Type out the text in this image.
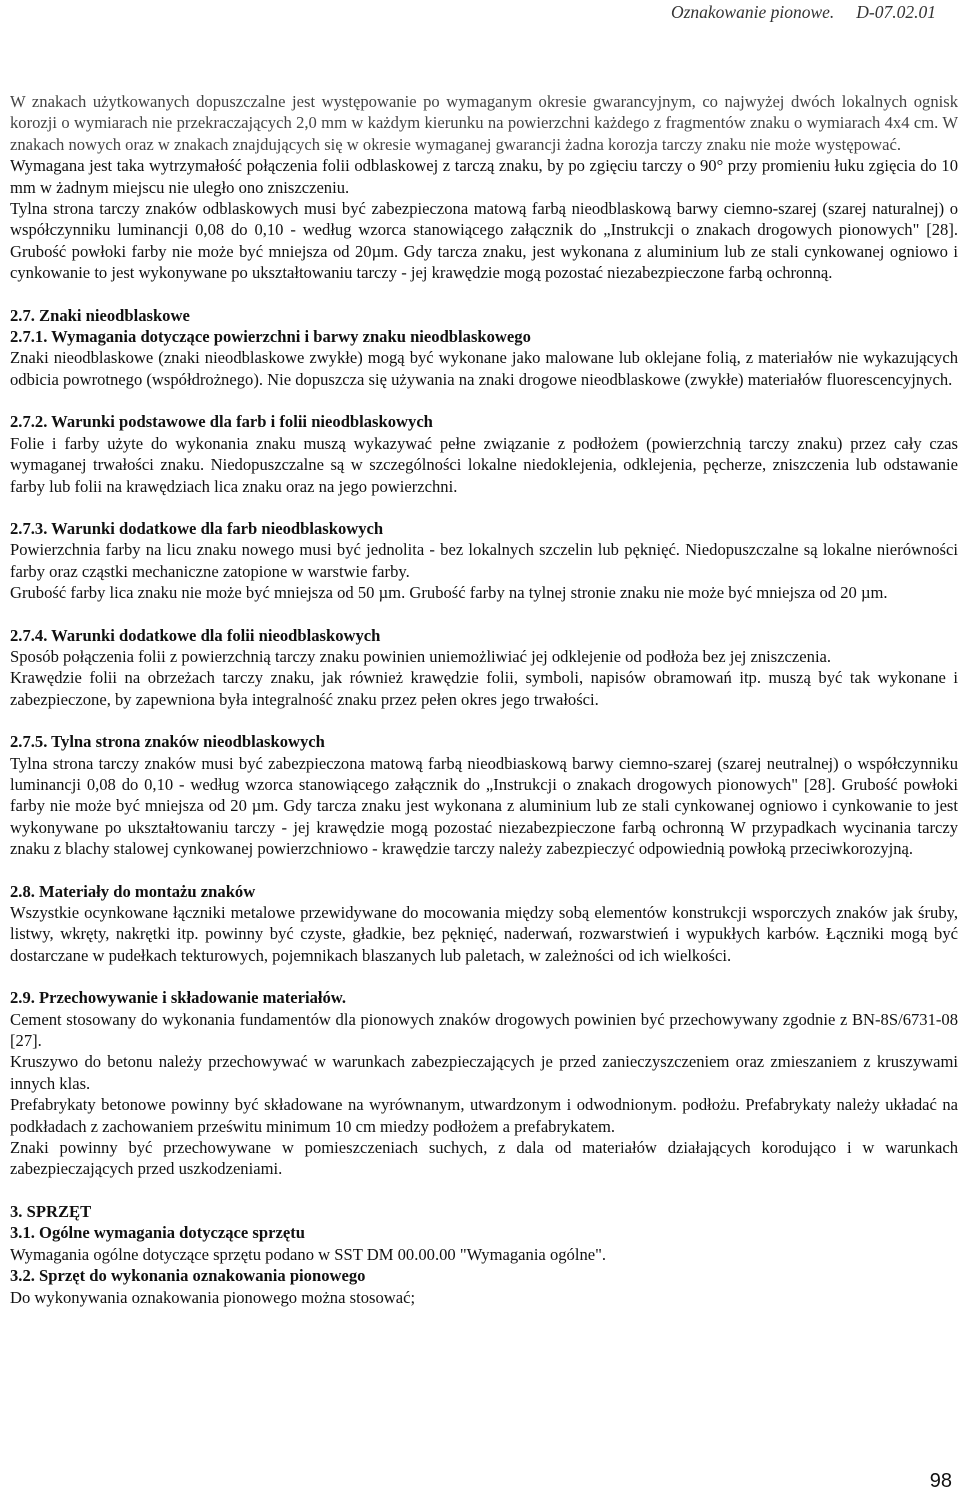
Oznakowanie pionowe. D-07.02.01

W znakach użytkowanych dopuszczalne jest występowanie po wymaganym okresie gwarancyjnym, co najwyżej dwóch lokalnych ognisk korozji o wymiarach nie przekraczających 2,0 mm w każdym kierunku na powierzchni każdego z fragmentów znaku o wymiarach 4x4 cm. W znakach nowych oraz w znakach znajdujących się w okresie wymaganej gwarancji żadna korozja tarczy znaku nie może występować.

Wymagana jest taka wytrzymałość połączenia folii odblaskowej z tarczą znaku, by po zgięciu tarczy o 90° przy promieniu łuku zgięcia do 10 mm w żadnym miejscu nie uległo ono zniszczeniu.

Tylna strona tarczy znaków odblaskowych musi być zabezpieczona matową farbą nieodblaskową barwy ciemno-szarej (szarej naturalnej) o współczynniku luminancji 0,08 do 0,10 - według wzorca stanowiącego załącznik do „Instrukcji o znakach drogowych pionowych" [28]. Grubość powłoki farby nie może być mniejsza od 20µm. Gdy tarcza znaku, jest wykonana z aluminium lub ze stali cynkowanej ogniowo i cynkowanie to jest wykonywane po ukształtowaniu tarczy - jej krawędzie mogą pozostać niezabezpieczone farbą ochronną.

2.7. Znaki nieodblaskowe

2.7.1. Wymagania dotyczące powierzchni i barwy znaku nieodblaskowego

Znaki nieodblaskowe (znaki nieodblaskowe zwykłe) mogą być wykonane jako malowane lub oklejane folią, z materiałów nie wykazujących odbicia powrotnego (współdrożnego). Nie dopuszcza się używania na znaki drogowe nieodblaskowe (zwykłe) materiałów fluorescencyjnych.

2.7.2. Warunki podstawowe dla farb i folii nieodblaskowych

Folie i farby użyte do wykonania znaku muszą wykazywać pełne związanie z podłożem (powierzchnią tarczy znaku) przez cały czas wymaganej trwałości znaku. Niedopuszczalne są w szczególności lokalne niedoklejenia, odklejenia, pęcherze, zniszczenia lub odstawanie farby lub folii na krawędziach lica znaku oraz na jego powierzchni.

2.7.3. Warunki dodatkowe dla farb nieodblaskowych

Powierzchnia farby na licu znaku nowego musi być jednolita - bez lokalnych szczelin lub pęknięć. Niedopuszczalne są lokalne nierówności farby oraz cząstki mechaniczne zatopione w warstwie farby.

Grubość farby lica znaku nie może być mniejsza od 50 µm. Grubość farby na tylnej stronie znaku nie może być mniejsza od 20 µm.

2.7.4. Warunki dodatkowe dla folii nieodblaskowych

Sposób połączenia folii z powierzchnią tarczy znaku powinien uniemożliwiać jej odklejenie od podłoża bez jej zniszczenia.

Krawędzie folii na obrzeżach tarczy znaku, jak również krawędzie folii, symboli, napisów obramowań itp. muszą być tak wykonane i zabezpieczone, by zapewniona była integralność znaku przez pełen okres jego trwałości.

2.7.5. Tylna strona znaków nieodblaskowych

Tylna strona tarczy znaków musi być zabezpieczona matową farbą nieodbiaskową barwy ciemno-szarej (szarej neutralnej) o współczynniku luminancji 0,08 do 0,10 - według wzorca stanowiącego załącznik do „Instrukcji o znakach drogowych pionowych" [28]. Grubość powłoki farby nie może być mniejsza od 20 µm. Gdy tarcza znaku jest wykonana z aluminium lub ze stali cynkowanej ogniowo i cynkowanie to jest wykonywane po ukształtowaniu tarczy - jej krawędzie mogą pozostać niezabezpieczone farbą ochronną W przypadkach wycinania tarczy znaku z blachy stalowej cynkowanej powierzchniowo - krawędzie tarczy należy zabezpieczyć odpowiednią powłoką przeciwkorozyjną.

2.8. Materiały do montażu znaków

Wszystkie ocynkowane łączniki metalowe przewidywane do mocowania między sobą elementów konstrukcji wsporczych znaków jak śruby, listwy, wkręty, nakrętki itp. powinny być czyste, gładkie, bez pęknięć, naderwań, rozwarstwień i wypukłych karbów. Łączniki mogą być dostarczane w pudełkach tekturowych, pojemnikach blaszanych lub paletach, w zależności od ich wielkości.

2.9. Przechowywanie i składowanie materiałów.

Cement stosowany do wykonania fundamentów dla pionowych znaków drogowych powinien być przechowywany zgodnie z BN-8S/6731-08 [27].

Kruszywo do betonu należy przechowywać w warunkach zabezpieczających je przed zanieczyszczeniem oraz zmieszaniem z kruszywami innych klas.

Prefabrykaty betonowe powinny być składowane na wyrównanym, utwardzonym i odwodnionym. podłożu. Prefabrykaty należy układać na podkładach z zachowaniem prześwitu minimum 10 cm miedzy podłożem a prefabrykatem.

Znaki powinny być przechowywane w pomieszczeniach suchych, z dala od materiałów działających korodująco i w warunkach zabezpieczających przed uszkodzeniami.

3. SPRZĘT

3.1. Ogólne wymagania dotyczące sprzętu

Wymagania ogólne dotyczące sprzętu podano w SST DM 00.00.00 "Wymagania ogólne".

3.2. Sprzęt do wykonania oznakowania pionowego

Do wykonywania oznakowania pionowego można stosować;

98
